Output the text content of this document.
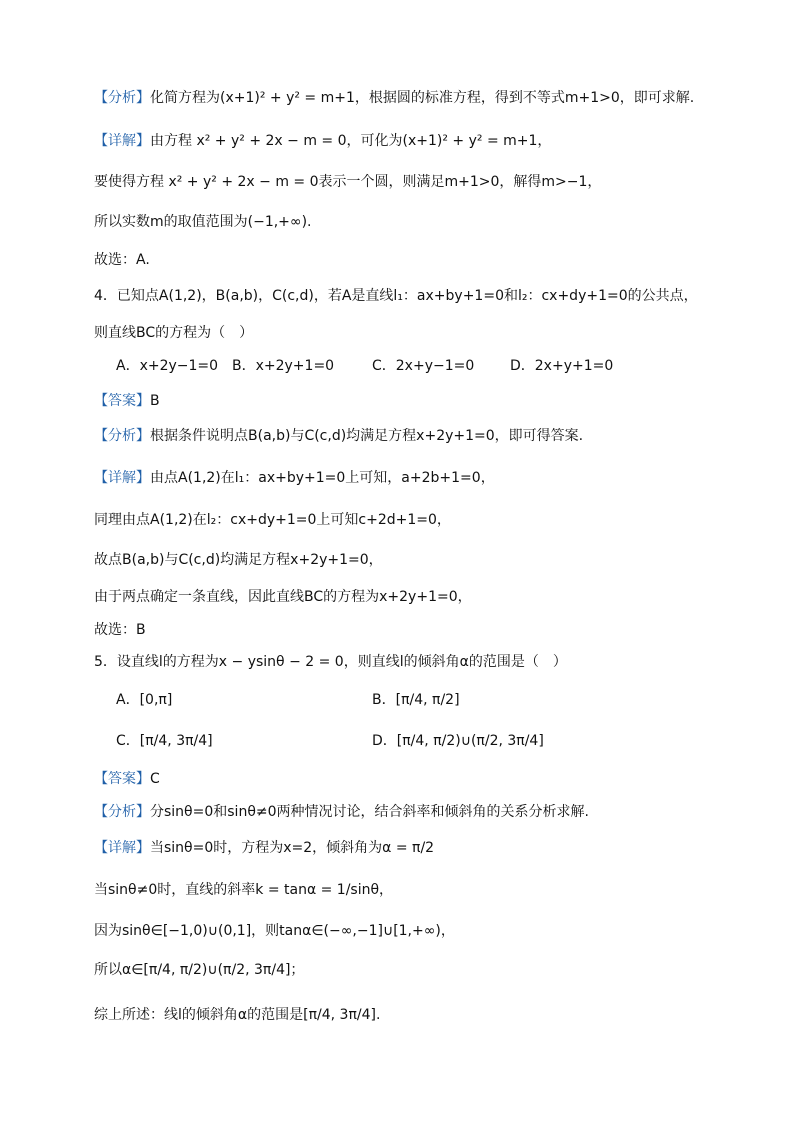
【分析】化简方程为(x+1)² + y² = m+1，根据圆的标准方程，得到不等式m+1>0，即可求解.
【详解】由方程 x² + y² + 2x − m = 0，可化为(x+1)² + y² = m+1，
要使得方程 x² + y² + 2x − m = 0表示一个圆，则满足m+1>0，解得m>−1，
所以实数m的取值范围为(−1,+∞).
故选：A.
4．已知点A(1,2)，B(a,b)，C(c,d)，若A是直线l₁：ax+by+1=0和l₂：cx+dy+1=0的公共点，
则直线BC的方程为（　）
A．x+2y−1=0 B．x+2y+1=0	C．2x+y−1=0	D．2x+y+1=0
【答案】B
【分析】根据条件说明点B(a,b)与C(c,d)均满足方程x+2y+1=0，即可得答案.
【详解】由点A(1,2)在l₁：ax+by+1=0上可知，a+2b+1=0，
同理由点A(1,2)在l₂：cx+dy+1=0上可知c+2d+1=0，
故点B(a,b)与C(c,d)均满足方程x+2y+1=0，
由于两点确定一条直线，因此直线BC的方程为x+2y+1=0，
故选：B
5．设直线l的方程为x − ysinθ − 2 = 0，则直线l的倾斜角α的范围是（　）
A．[0,π]	B．[π/4, π/2]
C．[π/4, 3π/4]	D．[π/4, π/2)∪(π/2, 3π/4]
【答案】C
【分析】分sinθ=0和sinθ≠0两种情况讨论，结合斜率和倾斜角的关系分析求解.
【详解】当sinθ=0时，方程为x=2，倾斜角为α = π/2
当sinθ≠0时，直线的斜率k = tanα = 1/sinθ，
因为sinθ∈[−1,0)∪(0,1]，则tanα∈(−∞,−1]∪[1,+∞)，
所以α∈[π/4, π/2)∪(π/2, 3π/4]；
综上所述：线l的倾斜角α的范围是[π/4, 3π/4].
